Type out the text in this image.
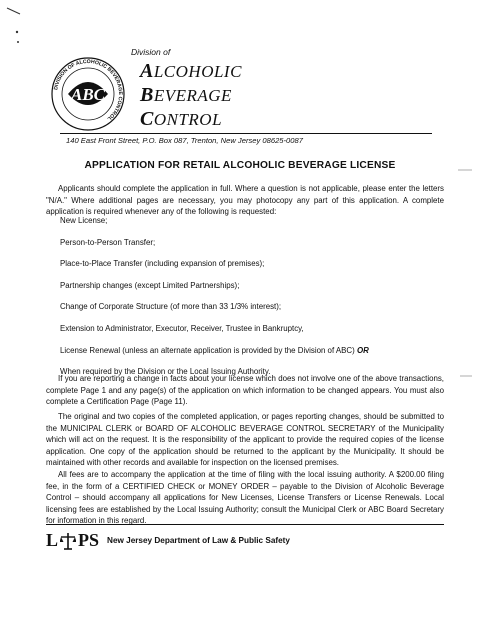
DIVISION OF ALCOHOLIC BEVERAGE CONTROL
ABC
Division of
ALCOHOLIC
BEVERAGE
CONTROL
140 East Front Street, P.O. Box 087, Trenton, New Jersey 08625-0087
APPLICATION FOR RETAIL ALCOHOLIC BEVERAGE LICENSE
Applicants should complete the application in full. Where a question is not applicable, please enter the letters "N/A." Where additional pages are necessary, you may photocopy any part of this application. A complete application is required whenever any of the following is requested:
New License;
Person-to-Person Transfer;
Place-to-Place Transfer (including expansion of premises);
Partnership changes (except Limited Partnerships);
Change of Corporate Structure (of more than 33 1/3% interest);
Extension to Administrator, Executor, Receiver, Trustee in Bankruptcy,
License Renewal (unless an alternate application is provided by the Division of ABC) OR
When required by the Division or the Local Issuing Authority.
If you are reporting a change in facts about your license which does not involve one of the above transactions, complete Page 1 and any page(s) of the application on which information to be changed appears. You must also complete a Certification Page (Page 11).
The original and two copies of the completed application, or pages reporting changes, should be submitted to the MUNICIPAL CLERK or BOARD OF ALCOHOLIC BEVERAGE CONTROL SECRETARY of the Municipality which will act on the request. It is the responsibility of the applicant to provide the required copies of the license application. One copy of the application should be returned to the applicant by the Municipality. It should be maintained with other records and available for inspection on the licensed premises.
All fees are to accompany the application at the time of filing with the local issuing authority. A $200.00 filing fee, in the form of a CERTIFIED CHECK or MONEY ORDER – payable to the Division of Alcoholic Beverage Control – should accompany all applications for New Licenses, License Transfers or License Renewals. Local licensing fees are established by the Local Issuing Authority; consult the Municipal Clerk or ABC Board Secretary for information in this regard.
L PS New Jersey Department of Law & Public Safety
